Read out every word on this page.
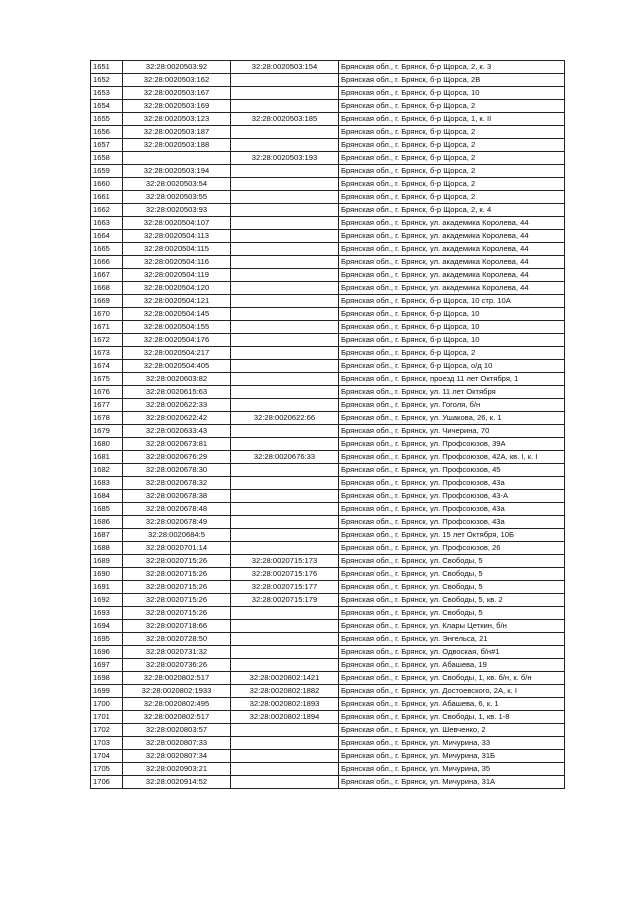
1651	32:28:0020503:92	32:28:0020503:154	Брянская обл., г. Брянск, б-р Щорса, 2, к. 3
1652	32:28:0020503:162		Брянская обл., г. Брянск, б-р Щорса, 2В
1653	32:28:0020503:167		Брянская обл., г. Брянск, б-р Щорса, 10
1654	32:28:0020503:169		Брянская обл., г. Брянск, б-р Щорса, 2
1655	32:28:0020503:123	32:28:0020503:185	Брянская обл., г. Брянск, б-р Щорса, 1, к. II
1656	32:28:0020503:187		Брянская обл., г. Брянск, б-р Щорса, 2
1657	32:28:0020503:188		Брянская обл., г. Брянск, б-р Щорса, 2
1658		32:28:0020503:193	Брянская обл., г. Брянск, б-р Щорса, 2
1659	32:28:0020503:194		Брянская обл., г. Брянск, б-р Щорса, 2
1660	32:28:0020503:54		Брянская обл., г. Брянск, б-р Щорса, 2
1661	32:28:0020503:55		Брянская обл., г. Брянск, б-р Щорса, 2
1662	32:28:0020503:93		Брянская обл., г. Брянск, б-р Щорса, 2, к. 4
1663	32:28:0020504:107		Брянская обл., г. Брянск, ул. академика Королева, 44
1664	32:28:0020504:113		Брянская обл., г. Брянск, ул. академика Королева, 44
1665	32:28:0020504:115		Брянская обл., г. Брянск, ул. академика Королева, 44
1666	32:28:0020504:116		Брянская обл., г. Брянск, ул. академика Королева, 44
1667	32:28:0020504:119		Брянская обл., г. Брянск, ул. академика Королева, 44
1668	32:28:0020504:120		Брянская обл., г. Брянск, ул. академика Королева, 44
1669	32:28:0020504:121		Брянская обл., г. Брянск, б-р Щорса, 10 стр. 10А
1670	32:28:0020504:145		Брянская обл., г. Брянск, б-р Щорса, 10
1671	32:28:0020504:155		Брянская обл., г. Брянск, б-р Щорса, 10
1672	32:28:0020504:176		Брянская обл., г. Брянск, б-р Щорса, 10
1673	32:28:0020504:217		Брянская обл., г. Брянск, б-р Щорса, 2
1674	32:28:0020504:405		Брянская обл., г. Брянск, б-р Щорса, о/д 10
1675	32:28:0020603:82		Брянская обл., г. Брянск, проезд 11 лет Октября, 1
1676	32:28:0020615:63		Брянская обл., г. Брянск, ул. 11 лет Октября
1677	32:28:0020622:33		Брянская обл., г. Брянск, ул. Гоголя, б/н
1678	32:28:0020622:42	32:28:0020622:66	Брянская обл., г. Брянск, ул. Ушакова, 26, к. 1
1679	32:28:0020633:43		Брянская обл., г. Брянск, ул. Чичерина, 70
1680	32:28:0020673:81		Брянская обл., г. Брянск, ул. Профсоюзов, 39А
1681	32:28:0020676:29	32:28:0020676:33	Брянская обл., г. Брянск, ул. Профсоюзов, 42А, кв. I, к. I
1682	32:28:0020678:30		Брянская обл., г. Брянск, ул. Профсоюзов, 45
1683	32:28:0020678:32		Брянская обл., г. Брянск, ул. Профсоюзов, 43а
1684	32:28:0020678:38		Брянская обл., г. Брянск, ул. Профсоюзов, 43-А
1685	32:28:0020678:48		Брянская обл., г. Брянск, ул. Профсоюзов, 43а
1686	32:28:0020678:49		Брянская обл., г. Брянск, ул. Профсоюзов, 43а
1687	32:28:0020684:5		Брянская обл., г. Брянск, ул. 15 лет Октября, 10Б
1688	32:28:0020701:14		Брянская обл., г. Брянск, ул. Профсоюзов, 26
1689	32:28:0020715:26	32:28:0020715:173	Брянская обл., г. Брянск, ул. Свободы, 5
1690	32:28:0020715:26	32:28:0020715:176	Брянская обл., г. Брянск, ул. Свободы, 5
1691	32:28:0020715:26	32:28:0020715:177	Брянская обл., г. Брянск, ул. Свободы, 5
1692	32:28:0020715:26	32:28:0020715:179	Брянская обл., г. Брянск, ул. Свободы, 5, кв. 2
1693	32:28:0020715:26		Брянская обл., г. Брянск, ул. Свободы, 5
1694	32:28:0020718:66		Брянская обл., г. Брянск, ул. Клары Цеткин, б/н
1695	32:28:0020728:50		Брянская обл., г. Брянск, ул. Энгельса, 21
1696	32:28:0020731:32		Брянская обл., г. Брянск, ул. Одвоская, б/н#1
1697	32:28:0020736:26		Брянская обл., г. Брянск, ул. Абашева, 19
1698	32:28:0020802:517	32:28:0020802:1421	Брянская обл., г. Брянск, ул. Свободы, 1, кв. б/н, к. б/н
1699	32:28:0020802:1933	32:28:0020802:1882	Брянская обл., г. Брянск, ул. Достоевского, 2А, к. I
1700	32:28:0020802:495	32:28:0020802:1893	Брянская обл., г. Брянск, ул. Абашева, 6, к. 1
1701	32:28:0020802:517	32:28:0020802:1894	Брянская обл., г. Брянск, ул. Свободы, 1, кв. 1-8
1702	32:28:0020803:57		Брянская обл., г. Брянск, ул. Шевченко, 2
1703	32:28:0020807:33		Брянская обл., г. Брянск, ул. Мичурина, 33
1704	32:28:0020807:34		Брянская обл., г. Брянск, ул. Мичурина, 31Б
1705	32:28:0020903:21		Брянская обл., г. Брянск, ул. Мичурина, 35
1706	32:28:0020914:52		Брянская обл., г. Брянск, ул. Мичурина, 31А
